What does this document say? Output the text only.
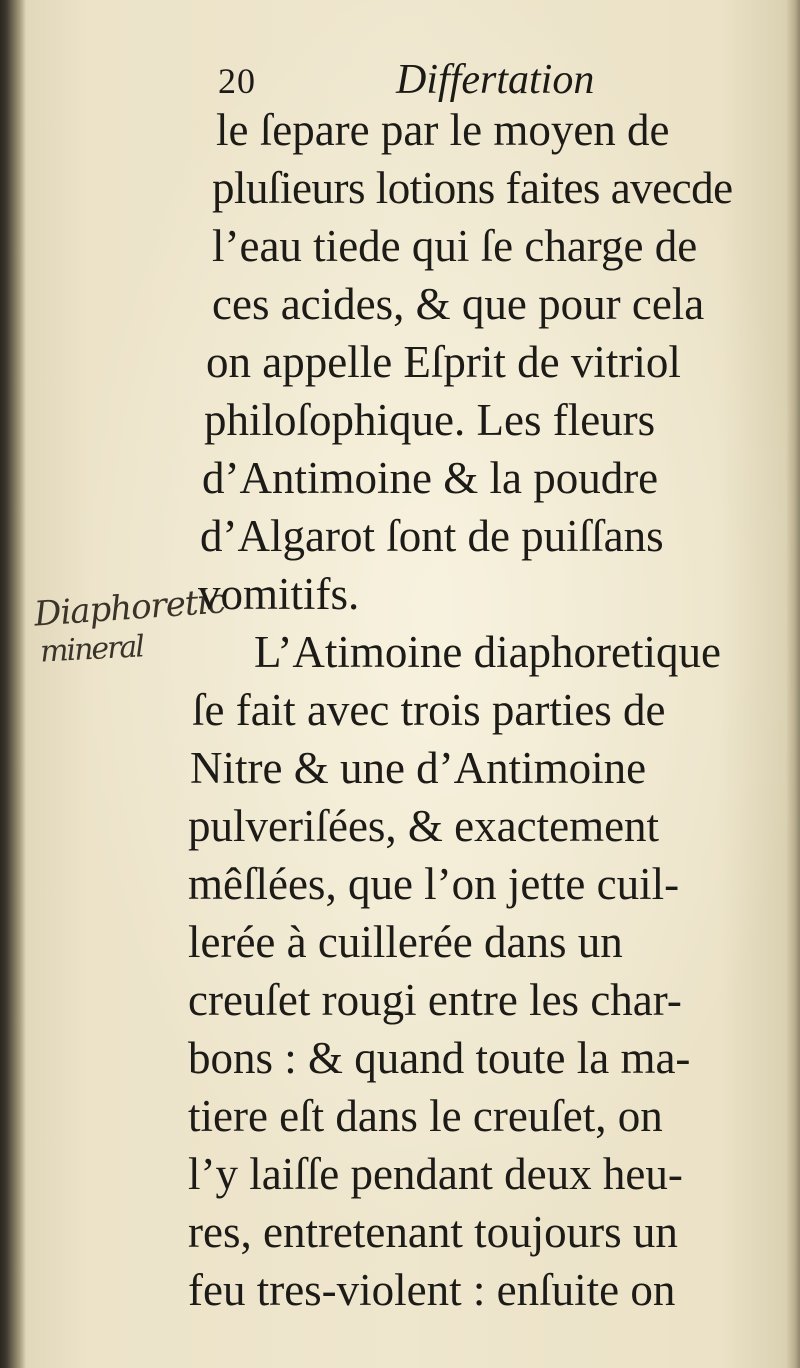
20	Differtation
Diaphoretic
mineral
le ſepare par le moyen de
pluſieurs lotions faites avecde
l’eau tiede qui ſe charge de
ces acides, & que pour cela
on appelle Eſprit de vitriol
philoſophique. Les fleurs
d’Antimoine & la poudre
d’Algarot ſont de puiſſans
vomitifs.
L’Atimoine diaphoretique
ſe fait avec trois parties de
Nitre & une d’Antimoine
pulveriſées, & exactement
mêſlées, que l’on jette cuil-
lerée à cuillerée dans un
creuſet rougi entre les char-
bons : & quand toute la ma-
tiere eſt dans le creuſet, on
l’y laiſſe pendant deux heu-
res, entretenant toujours un
feu tres-violent : enſuite on
